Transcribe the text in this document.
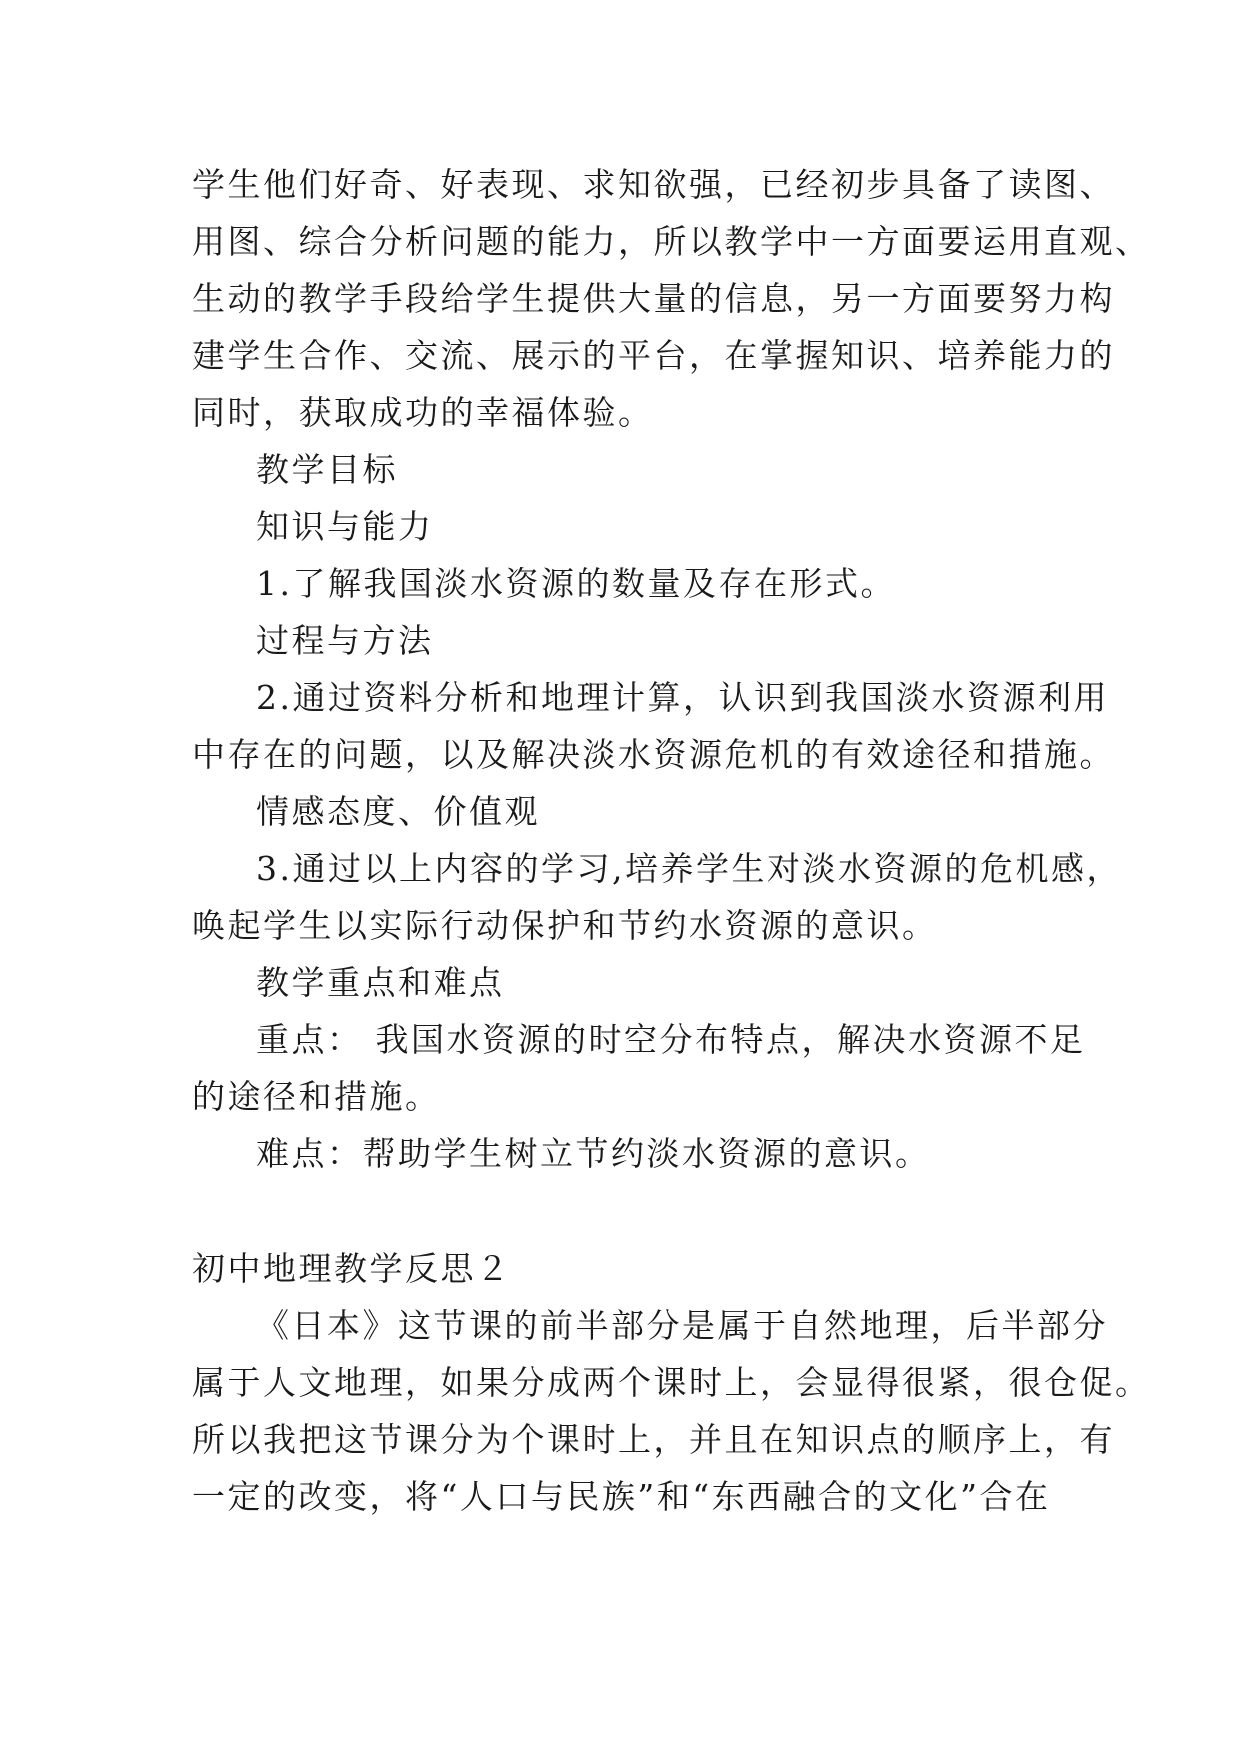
学生他们好奇、好表现、求知欲强，已经初步具备了读图、
用图、综合分析问题的能力，所以教学中一方面要运用直观、
生动的教学手段给学生提供大量的信息，另一方面要努力构
建学生合作、交流、展示的平台，在掌握知识、培养能力的
同时，获取成功的幸福体验。
教学目标
知识与能力
1.了解我国淡水资源的数量及存在形式。
过程与方法
2.通过资料分析和地理计算，认识到我国淡水资源利用
中存在的问题，以及解决淡水资源危机的有效途径和措施。
情感态度、价值观
3.通过以上内容的学习,培养学生对淡水资源的危机感，
唤起学生以实际行动保护和节约水资源的意识。
教学重点和难点
重点： 我国水资源的时空分布特点，解决水资源不足
的途径和措施。
难点：帮助学生树立节约淡水资源的意识。
初中地理教学反思２
《日本》这节课的前半部分是属于自然地理，后半部分
属于人文地理，如果分成两个课时上，会显得很紧，很仓促。
所以我把这节课分为个课时上，并且在知识点的顺序上，有
一定的改变，将“人口与民族”和“东西融合的文化”合在
